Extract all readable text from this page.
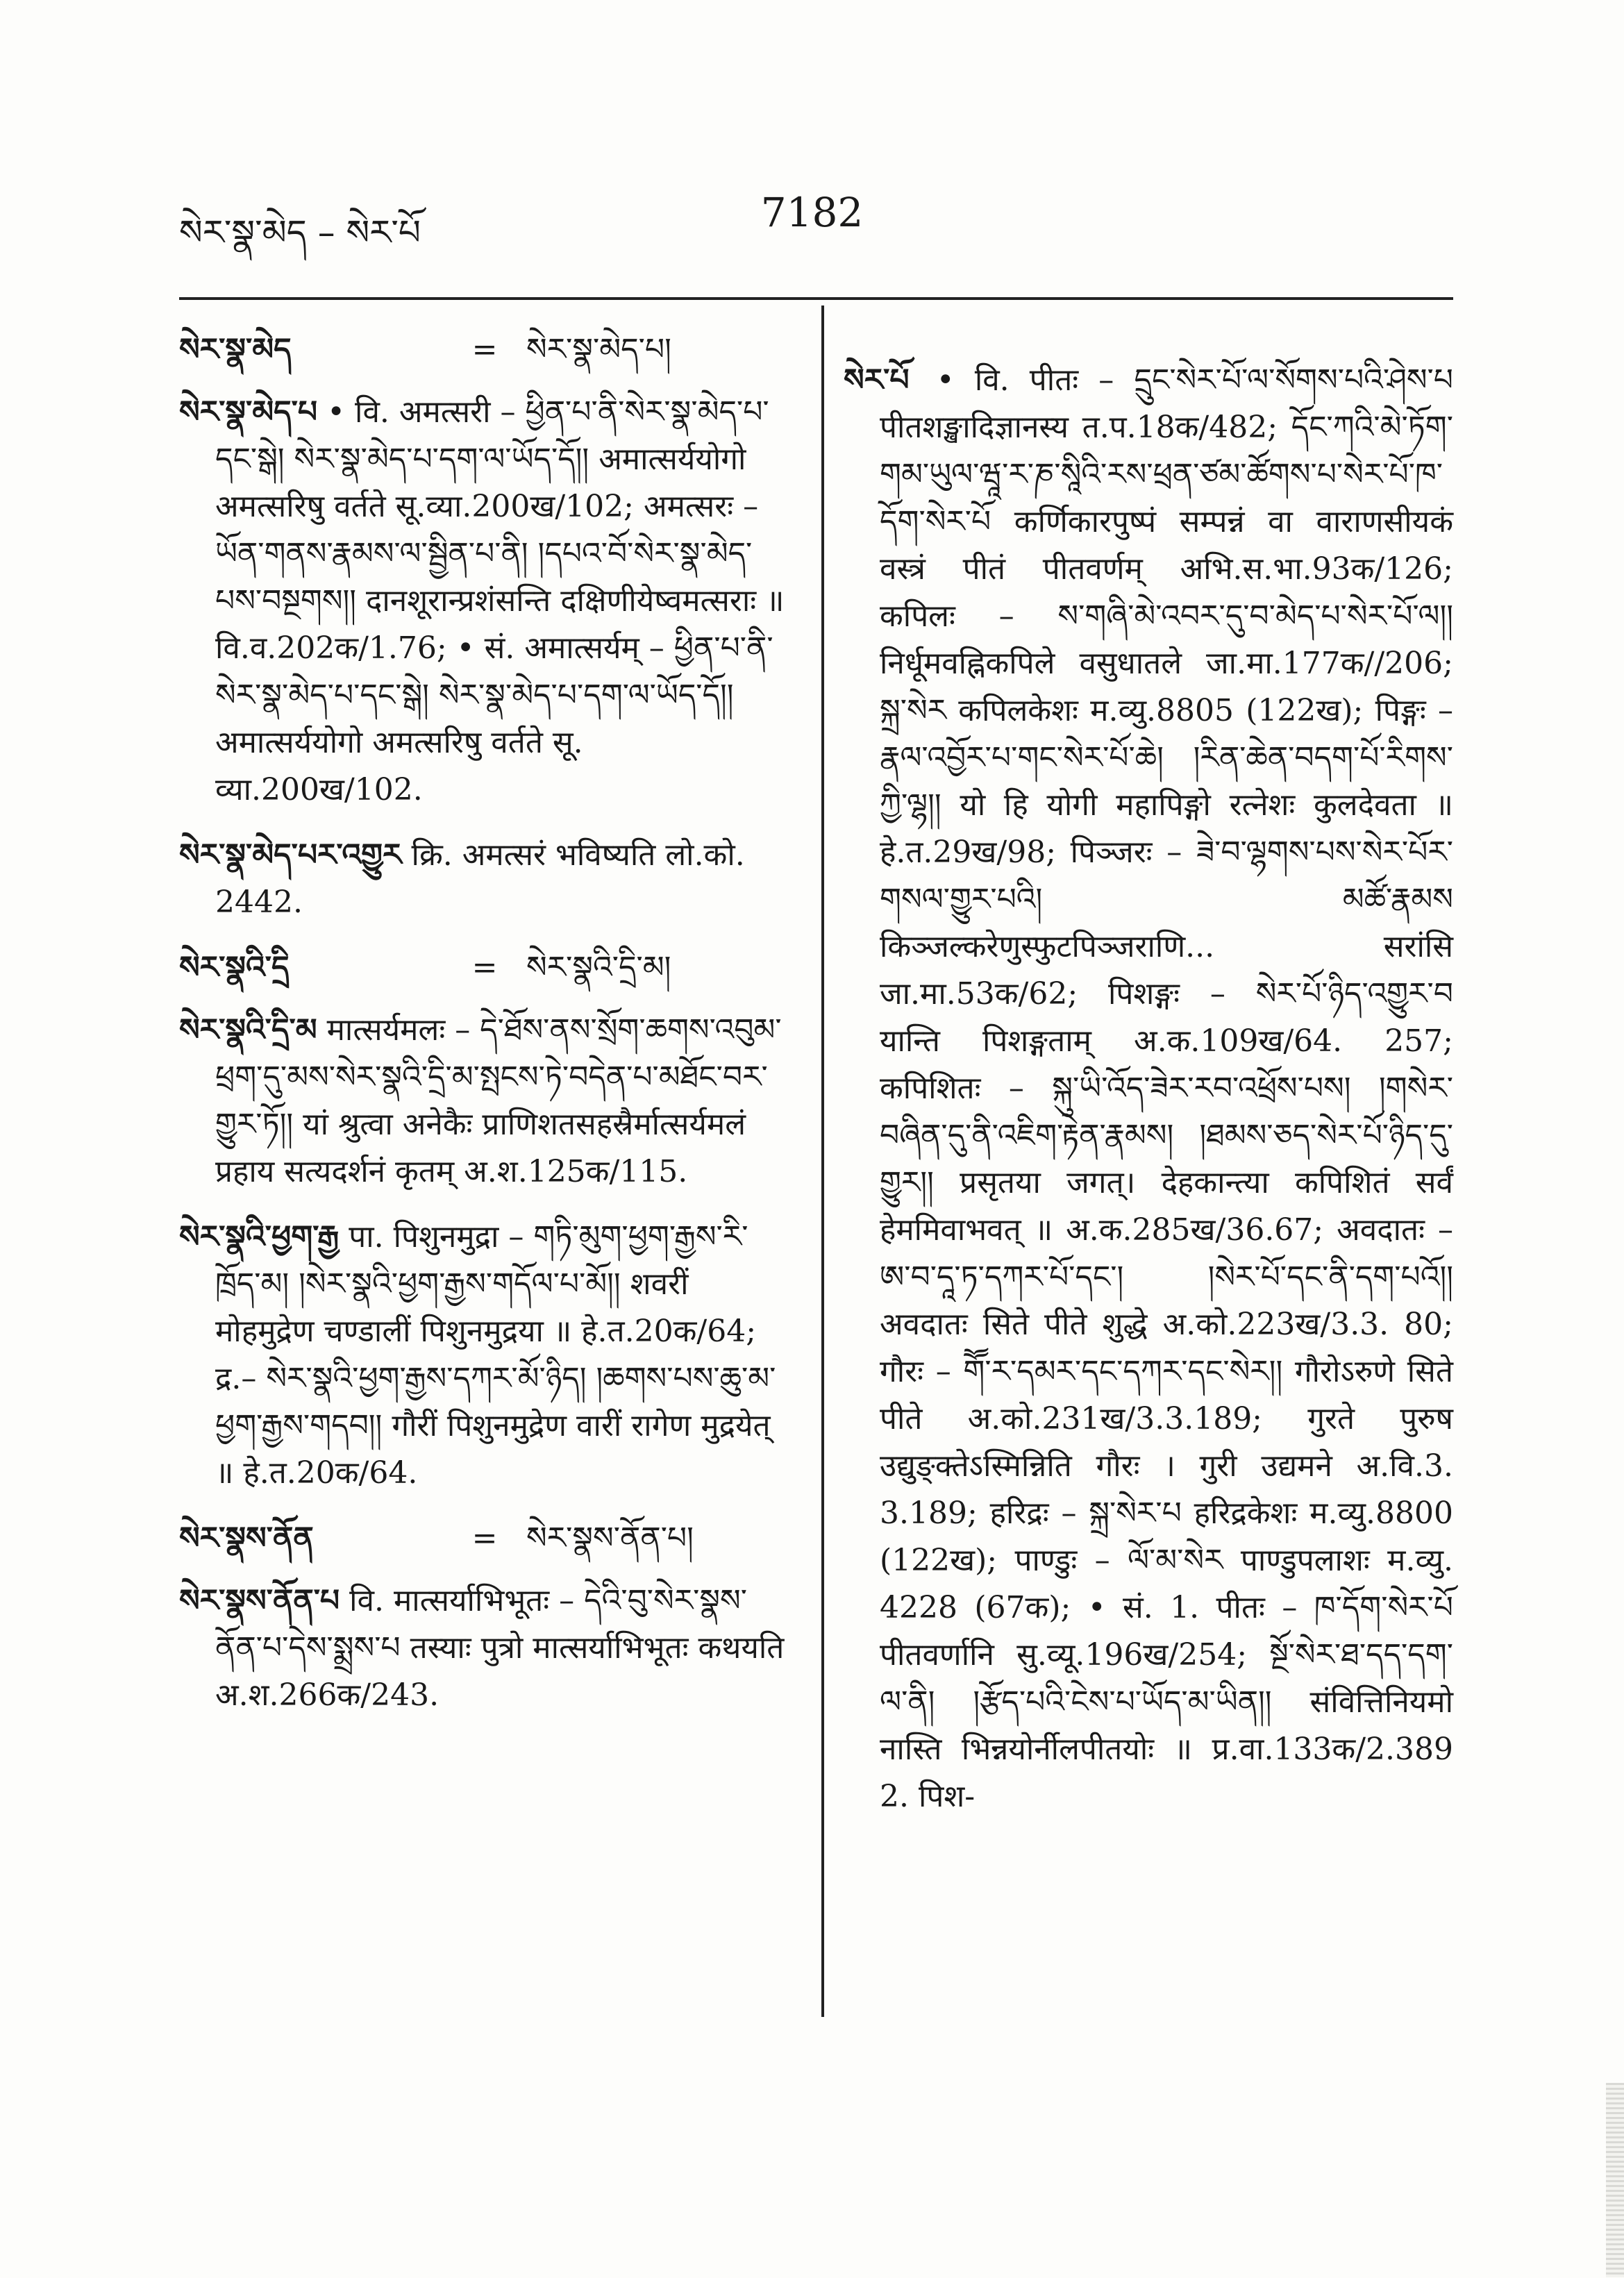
སེར་སྣ་མེད – སེར་པོ	7182
སེར་སྣ་མེད	= སེར་སྣ་མེད་པ།

སེར་སྣ་མེད་པ • वि. अमत्सरी – ཕྱིན་པ་ནི་སེར་སྣ་མེད་པ་དང་སྒེ། སེར་སྣ་མེད་པ་དག་ལ་ཡོད་དོ།། अमात्सर्ययोगो अमत्सरिषु वर्तते सू.व्या.200ख/102; अमत्सरः – ཡོན་གནས་རྣམས་ལ་སྦྱིན་པ་ནི། །དཔའ་བོ་སེར་སྣ་མེད་པས་བསྔགས།། दानशूरान्प्रशंसन्ति दक्षिणीयेष्वमत्सराः ॥ वि.व.202क/1.76; • सं. अमात्सर्यम् – ཕྱིན་པ་ནི་སེར་སྣ་མེད་པ་དང་སྒེ། སེར་སྣ་མེད་པ་དག་ལ་ཡོད་དོ།། अमात्सर्ययोगो अमत्सरिषु वर्तते सू. व्या.200ख/102.

སེར་སྣ་མེད་པར་འགྱུར क्रि. अमत्सरं भविष्यति लो.को. 2442.

སེར་སྣའི་དྲི	= སེར་སྣའི་དྲི་མ།

སེར་སྣའི་དྲི་མ मात्सर्यमलः – དེ་ཐོས་ནས་སྲོག་ཆགས་འབུམ་ཕྲག་དུ་མས་སེར་སྣའི་དྲི་མ་སྤངས་ཏེ་བདེན་པ་མཐོང་བར་གྱུར་ཏོ།། यां श्रुत्वा अनेकैः प्राणिशतसहस्रैर्मात्सर्यमलं प्रहाय सत्यदर्शनं कृतम् अ.श.125क/115.

སེར་སྣའི་ཕྱག་རྒྱ पा. पिशुनमुद्रा – གཏི་མུག་ཕྱག་རྒྱས་རི་ཁྲོད་མ། །སེར་སྣའི་ཕྱག་རྒྱས་གདོལ་པ་མོ།། शवरीं मोहमुद्रेण चण्डालीं पिशुनमुद्रया ॥ हे.त.20क/64; द्र.– སེར་སྣའི་ཕྱག་རྒྱས་དཀར་མོ་ཉིད། །ཆགས་པས་ཆུ་མ་ཕྱག་རྒྱས་གདབ།། गौरीं पिशुनमुद्रेण वारीं रागेण मुद्रयेत् ॥ हे.त.20क/64.

སེར་སྣས་ནོན	= སེར་སྣས་ནོན་པ།

སེར་སྣས་ནོན་པ वि. मात्सर्याभिभूतः – དེའི་བུ་སེར་སྣས་ནོན་པ་དེས་སྨྲས་པ तस्याः पुत्रो मात्सर्याभिभूतः कथयति अ.श.266क/243.

སེར་པོ • वि. पीतः – དྲུང་སེར་པོ་ལ་སོགས་པའི་ཤེས་པ पीतशङ्खादिज्ञानस्य त.प.18क/482; དོང་ཀའི་མེ་ཏོག་གམ་ཡུལ་ཝཱ་ར་ཎ་སཱིའི་རས་ཕྲན་ཙམ་ཚོགས་པ་སེར་པོ་ཁ་དོག་སེར་པོ कर्णिकारपुष्पं सम्पन्नं वा वाराणसीयकं वस्त्रं पीतं पीतवर्णम् अभि.स.भा.93क/126; कपिलः – ས་གཞི་མེ་འབར་དུ་བ་མེད་པ་སེར་པོ་ལ།། निर्धूमवह्निकपिले वसुधातले जा.मा.177क//206; སྐྲ་སེར कपिलकेशः म.व्यु.8805 (122ख); पिङ्गः – རྣལ་འབྱོར་པ་གང་སེར་པོ་ཆེ། །རིན་ཆེན་བདག་པོ་རིགས་ཀྱི་ལྷ།། यो हि योगी महापिङ्गो रत्नेशः कुलदेवता ॥ हे.त.29ख/98; पिञ्जरः – ཟེ་བ་ལྷགས་པས་སེར་པོར་གསལ་གྱུར་པའི། མཚོ་རྣམས किञ्जल्करेणुस्फुटपिञ्जराणि... सरांसि जा.मा.53क/62; पिशङ्गः – སེར་པོ་ཉིད་འགྱུར་བ यान्ति पिशङ्गताम् अ.क.109ख/64. 257; कपिशितः – སྐུ་ཡི་འོད་ཟེར་རབ་འཕྲོས་པས། །གསེར་བཞིན་དུ་ནི་འཇིག་རྟེན་རྣམས། །ཐམས་ཅད་སེར་པོ་ཉིད་དུ་གྱུར།། प्रसृतया जगत्। देहकान्त्या कपिशितं सर्वं हेममिवाभवत् ॥ अ.क.285ख/36.67; अवदातः – ཨ་བ་དཱ་ཏ་དཀར་པོ་དང་། །སེར་པོ་དང་ནི་དག་པའོ།། अवदातः सिते पीते शुद्धे अ.को.223ख/3.3. 80; गौरः – གཽ་ར་དམར་དང་དཀར་དང་སེར།། गौरोऽरुणे सिते पीते अ.को.231ख/3.3.189; गुरते पुरुष उद्युङ्क्तेऽस्मिन्निति गौरः । गुरी उद्यमने अ.वि.3. 3.189; हरिद्रः – སྐྲ་སེར་པ हरिद्रकेशः म.व्यु.8800 (122ख); पाण्डुः – ལོ་མ་སེར पाण्डुपलाशः म.व्यु. 4228 (67क); • सं. 1. पीतः – ཁ་དོག་སེར་པོ पीतवर्णानि सु.व्यू.196ख/254; སྔོ་སེར་ཐ་དད་དག་ལ་ནི། །རྩོད་པའི་ངེས་པ་ཡོད་མ་ཡིན།། संवित्तिनियमो नास्ति भिन्नयोर्नीलपीतयोः ॥ प्र.वा.133क/2.389 2. पिश-
